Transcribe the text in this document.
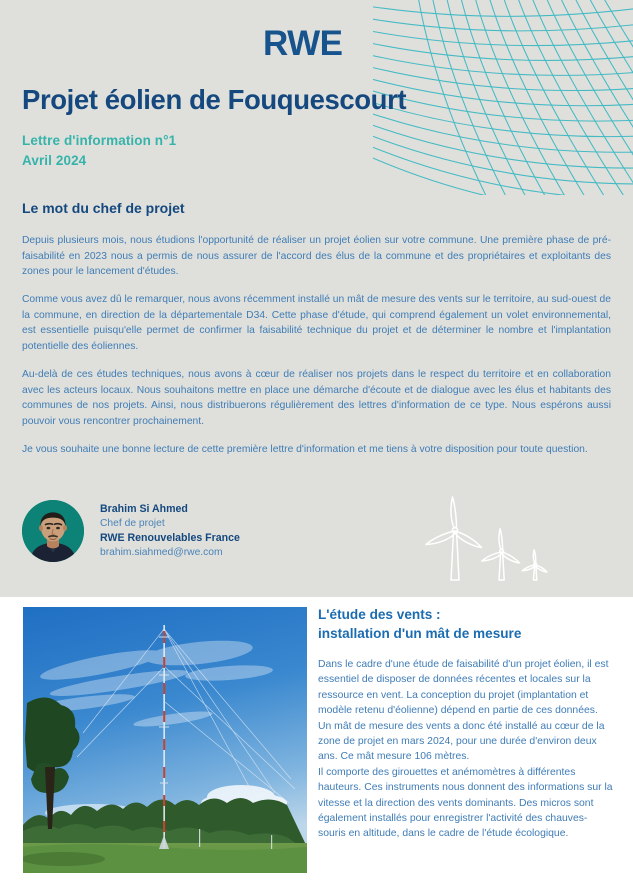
RWE
Projet éolien de Fouquescourt
Lettre d'information n°1
Avril 2024
Le mot du chef de projet
Depuis plusieurs mois, nous étudions l'opportunité de réaliser un projet éolien sur votre commune. Une première phase de pré-faisabilité en 2023 nous a permis de nous assurer de l'accord des élus de la commune et des propriétaires et exploitants des zones pour le lancement d'études.
Comme vous avez dû le remarquer, nous avons récemment installé un mât de mesure des vents sur le territoire, au sud-ouest de la commune, en direction de la départementale D34. Cette phase d'étude, qui comprend également un volet environnemental, est essentielle puisqu'elle permet de confirmer la faisabilité technique du projet et de déterminer le nombre et l'implantation potentielle des éoliennes.
Au-delà de ces études techniques, nous avons à cœur de réaliser nos projets dans le respect du territoire et en collaboration avec les acteurs locaux. Nous souhaitons mettre en place une démarche d'écoute et de dialogue avec les élus et habitants des communes de nos projets. Ainsi, nous distribuerons régulièrement des lettres d'information de ce type. Nous espérons aussi pouvoir vous rencontrer prochainement.
Je vous souhaite une bonne lecture de cette première lettre d'information et me tiens à votre disposition pour toute question.
Brahim Si Ahmed
Chef de projet
RWE Renouvelables France
brahim.siahmed@rwe.com
L'étude des vents :
installation d'un mât de mesure

Dans le cadre d'une étude de faisabilité d'un projet éolien, il est essentiel de disposer de données récentes et locales sur la ressource en vent. La conception du projet (implantation et modèle retenu d'éolienne) dépend en partie de ces données. Un mât de mesure des vents a donc été installé au cœur de la zone de projet en mars 2024, pour une durée d'environ deux ans. Ce mât mesure 106 mètres.

Il comporte des girouettes et anémomètres à différentes hauteurs. Ces instruments nous donnent des informations sur la vitesse et la direction des vents dominants. Des micros sont également installés pour enregistrer l'activité des chauves-souris en altitude, dans le cadre de l'étude écologique.
